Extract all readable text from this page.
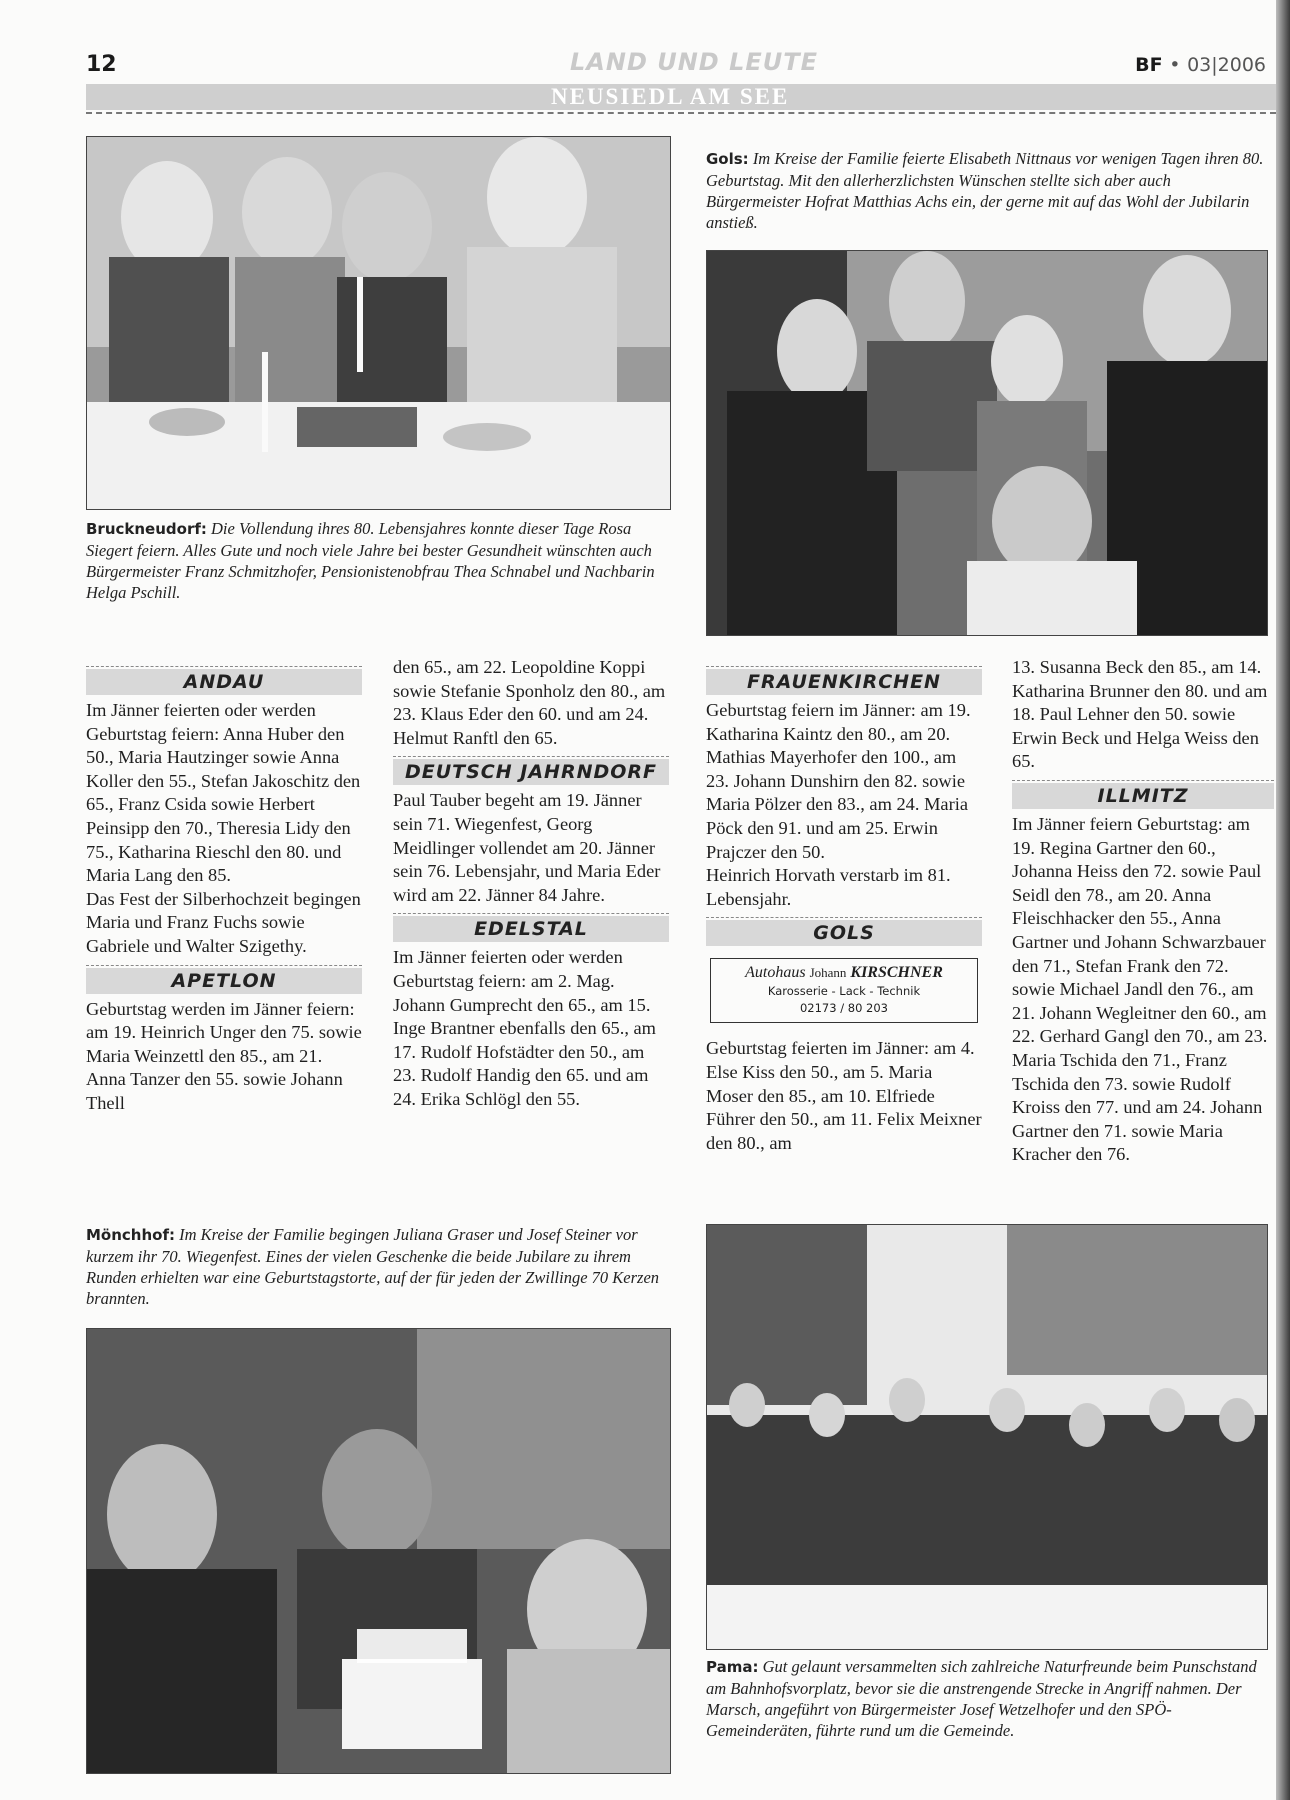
12	LAND UND LEUTE	BF • 03|2006
NEUSIEDL AM SEE
Gols: Im Kreise der Familie feierte Elisabeth Nittnaus vor wenigen Tagen ihren 80. Geburtstag. Mit den allerherzlichsten Wünschen stellte sich aber auch Bürgermeister Hofrat Matthias Achs ein, der gerne mit auf das Wohl der Jubilarin anstieß.
Bruckneudorf: Die Vollendung ihres 80. Lebensjahres konnte dieser Tage Rosa Siegert feiern. Alles Gute und noch viele Jahre bei bester Gesundheit wünschten auch Bürgermeister Franz Schmitzhofer, Pensionistenobfrau Thea Schnabel und Nachbarin Helga Pschill.
Mönchhof: Im Kreise der Familie begingen Juliana Graser und Josef Steiner vor kurzem ihr 70. Wiegenfest. Eines der vielen Geschenke die beide Jubilare zu ihrem Runden erhielten war eine Geburtstagstorte, auf der für jeden der Zwillinge 70 Kerzen brannten.
Pama: Gut gelaunt versammelten sich zahlreiche Naturfreunde beim Punschstand am Bahnhofsvorplatz, bevor sie die anstrengende Strecke in Angriff nahmen. Der Marsch, angeführt von Bürgermeister Josef Wetzelhofer und den SPÖ-Gemeinderäten, führte rund um die Gemeinde.
ANDAU

Im Jänner feierten oder werden Geburtstag feiern: Anna Huber den 50., Maria Hautzinger sowie Anna Koller den 55., Stefan Jakoschitz den 65., Franz Csida sowie Herbert Peinsipp den 70., Theresia Lidy den 75., Katharina Rieschl den 80. und Maria Lang den 85.

Das Fest der Silberhochzeit begingen Maria und Franz Fuchs sowie Gabriele und Walter Szigethy.

APETLON

Geburtstag werden im Jänner feiern: am 19. Heinrich Unger den 75. sowie Maria Weinzettl den 85., am 21. Anna Tanzer den 55. sowie Johann Thell

den 65., am 22. Leopoldine Koppi sowie Stefanie Sponholz den 80., am 23. Klaus Eder den 60. und am 24. Helmut Ranftl den 65.

DEUTSCH JAHRNDORF

Paul Tauber begeht am 19. Jänner sein 71. Wiegenfest, Georg Meidlinger vollendet am 20. Jänner sein 76. Lebensjahr, und Maria Eder wird am 22. Jänner 84 Jahre.

EDELSTAL

Im Jänner feierten oder werden Geburtstag feiern: am 2. Mag. Johann Gumprecht den 65., am 15. Inge Brantner ebenfalls den 65., am 17. Rudolf Hofstädter den 50., am 23. Rudolf Handig den 65. und am 24. Erika Schlögl den 55.

FRAUENKIRCHEN

Geburtstag feiern im Jänner: am 19. Katharina Kaintz den 80., am 20. Mathias Mayerhofer den 100., am 23. Johann Dunshirn den 82. sowie Maria Pölzer den 83., am 24. Maria Pöck den 91. und am 25. Erwin Prajczer den 50.

Heinrich Horvath verstarb im 81. Lebensjahr.

GOLS
Autohaus Johann KIRSCHNER
Karosserie - Lack - Technik
02173 / 80 203

Geburtstag feierten im Jänner: am 4. Else Kiss den 50., am 5. Maria Moser den 85., am 10. Elfriede Führer den 50., am 11. Felix Meixner den 80., am

13. Susanna Beck den 85., am 14. Katharina Brunner den 80. und am 18. Paul Lehner den 50. sowie Erwin Beck und Helga Weiss den 65.

ILLMITZ

Im Jänner feiern Geburtstag: am 19. Regina Gartner den 60., Johanna Heiss den 72. sowie Paul Seidl den 78., am 20. Anna Fleischhacker den 55., Anna Gartner und Johann Schwarzbauer den 71., Stefan Frank den 72. sowie Michael Jandl den 76., am 21. Johann Wegleitner den 60., am 22. Gerhard Gangl den 70., am 23. Maria Tschida den 71., Franz Tschida den 73. sowie Rudolf Kroiss den 77. und am 24. Johann Gartner den 71. sowie Maria Kracher den 76.
